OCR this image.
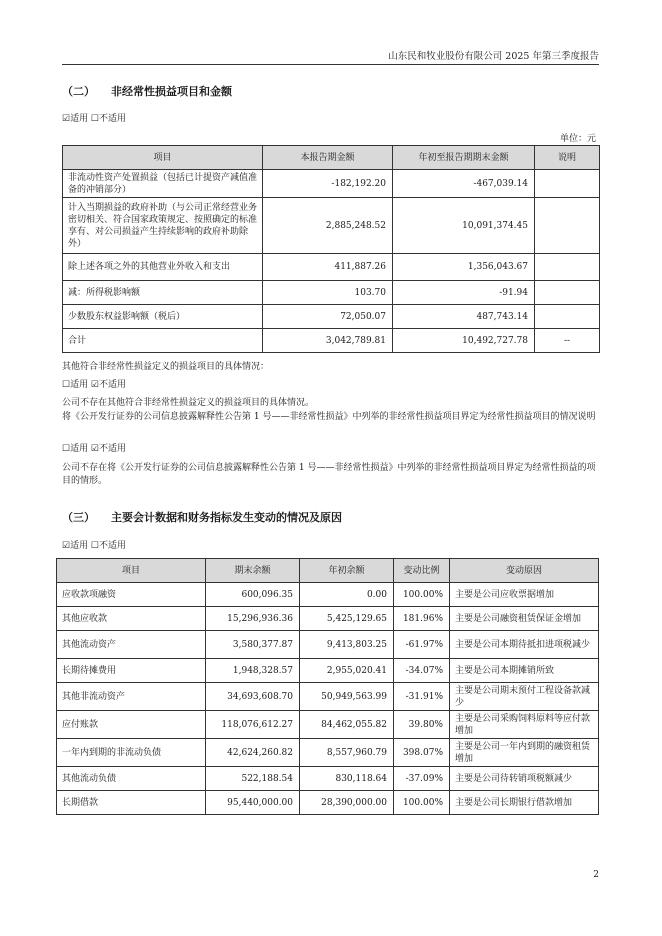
山东民和牧业股份有限公司 2025 年第三季度报告
（二） 非经常性损益项目和金额
☑适用 ☐不适用
单位：元
项目	本报告期金额	年初至报告期期末金额	说明
非流动性资产处置损益（包括已计提资产减值准备的冲销部分）	-182,192.20	-467,039.14	
计入当期损益的政府补助（与公司正常经营业务密切相关、符合国家政策规定、按照确定的标准享有、对公司损益产生持续影响的政府补助除外）	2,885,248.52	10,091,374.45	
除上述各项之外的其他营业外收入和支出	411,887.26	1,356,043.67	
减：所得税影响额	103.70	-91.94	
少数股东权益影响额（税后）	72,050.07	487,743.14	
合计	3,042,789.81	10,492,727.78	--
其他符合非经常性损益定义的损益项目的具体情况：
☐适用 ☑不适用
公司不存在其他符合非经常性损益定义的损益项目的具体情况。
将《公开发行证券的公司信息披露解释性公告第 1 号——非经常性损益》中列举的非经常性损益项目界定为经常性损益项目的情况说明
☐适用 ☑不适用
公司不存在将《公开发行证券的公司信息披露解释性公告第 1 号——非经常性损益》中列举的非经常性损益项目界定为经常性损益的项目的情形。
（三） 主要会计数据和财务指标发生变动的情况及原因
☑适用 ☐不适用
项目	期末余额	年初余额	变动比例	变动原因
应收款项融资	600,096.35	0.00	100.00%	主要是公司应收票据增加
其他应收款	15,296,936.36	5,425,129.65	181.96%	主要是公司融资租赁保证金增加
其他流动资产	3,580,377.87	9,413,803.25	-61.97%	主要是公司本期待抵扣进项税减少
长期待摊费用	1,948,328.57	2,955,020.41	-34.07%	主要是公司本期摊销所致
其他非流动资产	34,693,608.70	50,949,563.99	-31.91%	主要是公司期末预付工程设备款减少
应付账款	118,076,612.27	84,462,055.82	39.80%	主要是公司采购饲料原料等应付款增加
一年内到期的非流动负债	42,624,260.82	8,557,960.79	398.07%	主要是公司一年内到期的融资租赁增加
其他流动负债	522,188.54	830,118.64	-37.09%	主要是公司待转销项税额减少
长期借款	95,440,000.00	28,390,000.00	100.00%	主要是公司长期银行借款增加
2
